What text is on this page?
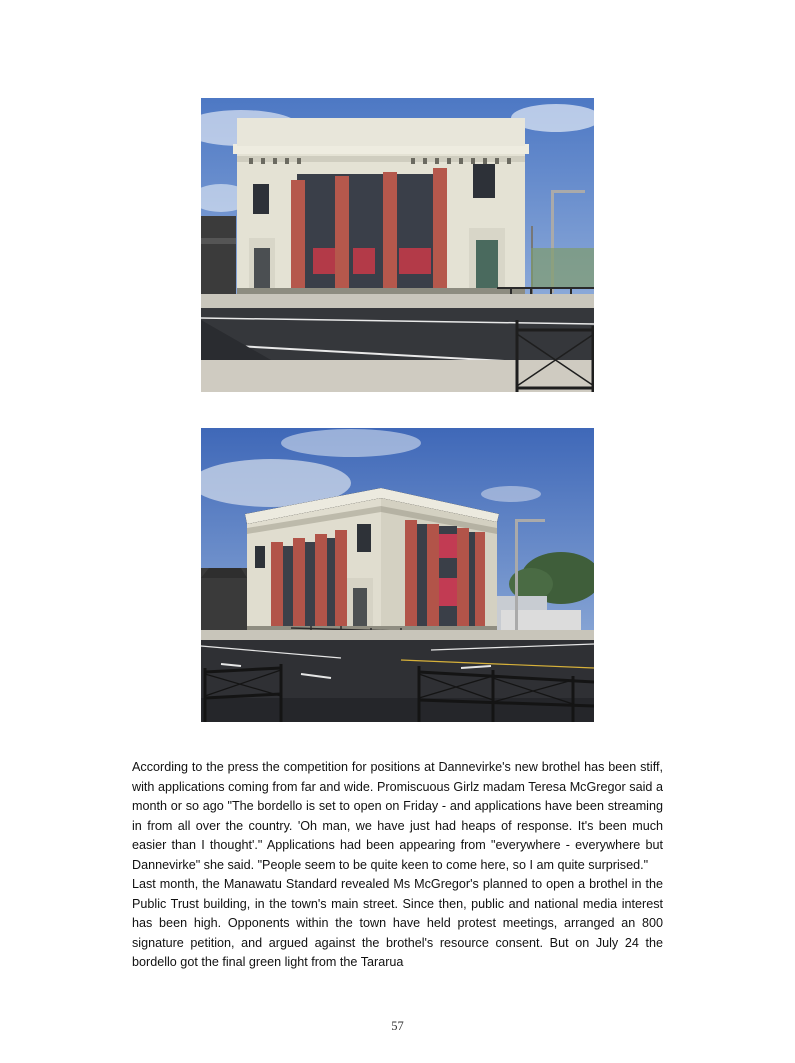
According to the press the competition for positions at Dannevirke's new brothel has been stiff, with applications coming from far and wide. Promiscuous Girlz madam Teresa McGregor said a month or so ago "The bordello is set to open on Friday - and applications have been streaming in from all over the country. 'Oh man, we have just had heaps of response. It's been much easier than I thought'." Applications had been appearing from "everywhere - everywhere but Dannevirke" she said. "People seem to be quite keen to come here, so I am quite surprised."

Last month, the Manawatu Standard revealed Ms McGregor's planned to open a brothel in the Public Trust building, in the town's main street. Since then, public and national media interest has been high. Opponents within the town have held protest meetings, arranged an 800 signature petition, and argued against the brothel's resource consent. But on July 24 the bordello got the final green light from the Tararua

57
